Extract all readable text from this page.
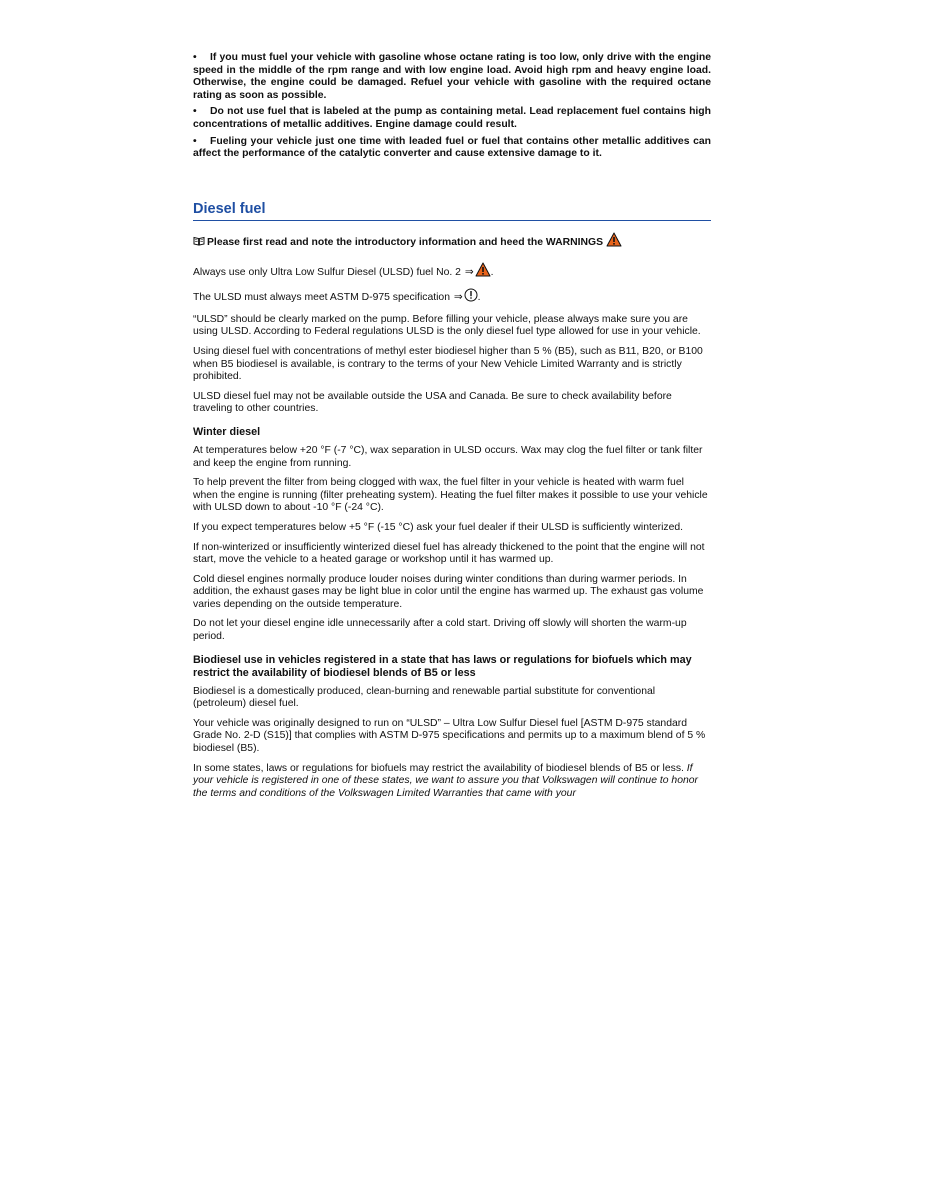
• If you must fuel your vehicle with gasoline whose octane rating is too low, only drive with the engine speed in the middle of the rpm range and with low engine load. Avoid high rpm and heavy engine load. Otherwise, the engine could be damaged. Refuel your vehicle with gasoline with the required octane rating as soon as possible.
• Do not use fuel that is labeled at the pump as containing metal. Lead replacement fuel contains high concentrations of metallic additives. Engine damage could result.
• Fueling your vehicle just one time with leaded fuel or fuel that contains other metallic additives can affect the performance of the catalytic converter and cause extensive damage to it.
Diesel fuel
Please first read and note the introductory information and heed the WARNINGS

Always use only Ultra Low Sulfur Diesel (ULSD) fuel No. 2 ⇒ .

The ULSD must always meet ASTM D-975 specification ⇒ .

“ULSD” should be clearly marked on the pump. Before filling your vehicle, please always make sure you are using ULSD. According to Federal regulations ULSD is the only diesel fuel type allowed for use in your vehicle.

Using diesel fuel with concentrations of methyl ester biodiesel higher than 5 % (B5), such as B11, B20, or B100 when B5 biodiesel is available, is contrary to the terms of your New Vehicle Limited Warranty and is strictly prohibited.

ULSD diesel fuel may not be available outside the USA and Canada. Be sure to check availability before traveling to other countries.

Winter diesel

At temperatures below +20 °F (-7 °C), wax separation in ULSD occurs. Wax may clog the fuel filter or tank filter and keep the engine from running.

To help prevent the filter from being clogged with wax, the fuel filter in your vehicle is heated with warm fuel when the engine is running (filter preheating system). Heating the fuel filter makes it possible to use your vehicle with ULSD down to about -10 °F (-24 °C).

If you expect temperatures below +5 °F (-15 °C) ask your fuel dealer if their ULSD is sufficiently winterized.

If non-winterized or insufficiently winterized diesel fuel has already thickened to the point that the engine will not start, move the vehicle to a heated garage or workshop until it has warmed up.

Cold diesel engines normally produce louder noises during winter conditions than during warmer periods. In addition, the exhaust gases may be light blue in color until the engine has warmed up. The exhaust gas volume varies depending on the outside temperature.

Do not let your diesel engine idle unnecessarily after a cold start. Driving off slowly will shorten the warm-up period.

Biodiesel use in vehicles registered in a state that has laws or regulations for biofuels which may restrict the availability of biodiesel blends of B5 or less

Biodiesel is a domestically produced, clean-burning and renewable partial substitute for conventional (petroleum) diesel fuel.

Your vehicle was originally designed to run on “ULSD” – Ultra Low Sulfur Diesel fuel [ASTM D-975 standard Grade No. 2-D (S15)] that complies with ASTM D-975 specifications and permits up to a maximum blend of 5 % biodiesel (B5).

In some states, laws or regulations for biofuels may restrict the availability of biodiesel blends of B5 or less. If your vehicle is registered in one of these states, we want to assure you that Volkswagen will continue to honor the terms and conditions of the Volkswagen Limited Warranties that came with your
